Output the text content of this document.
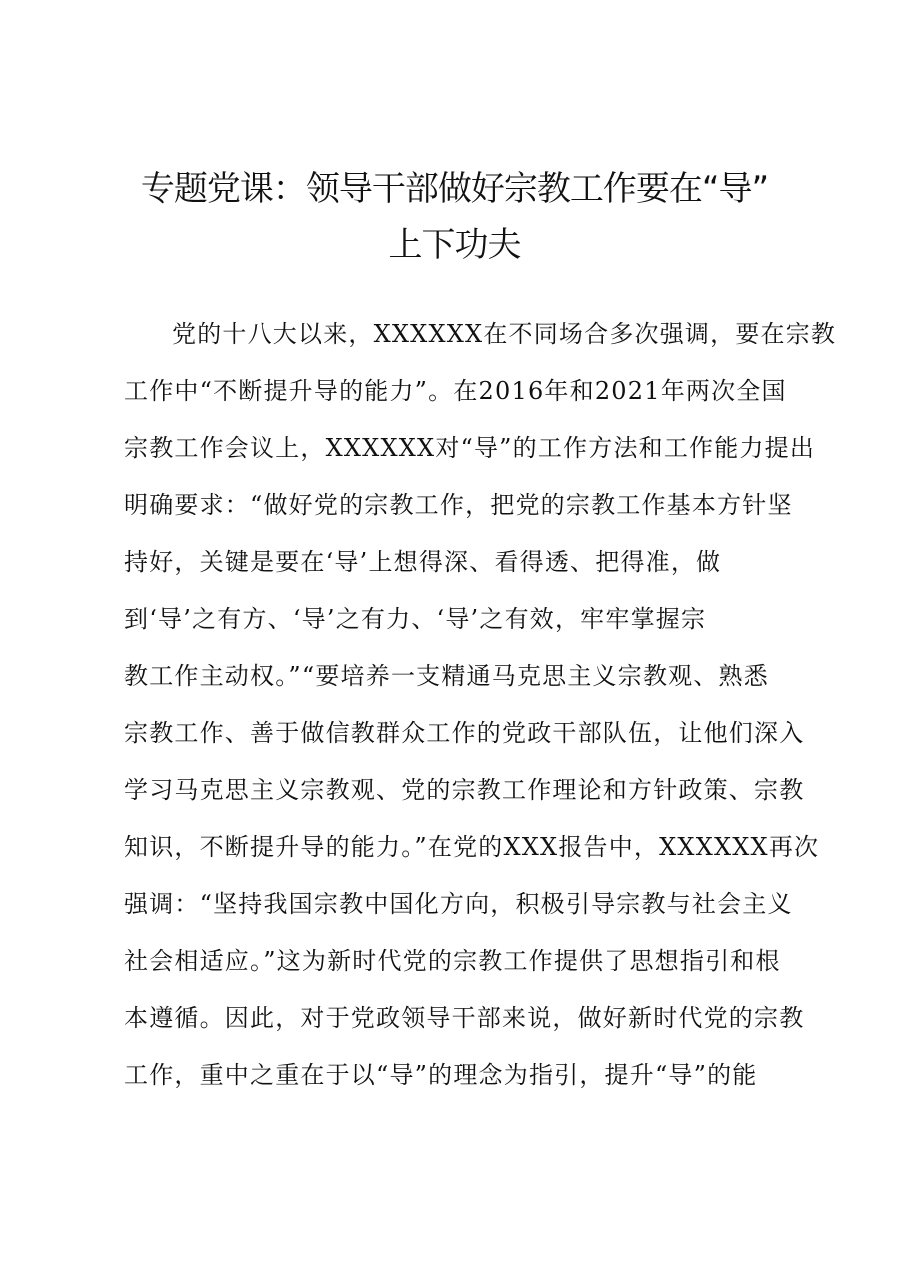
专题党课：领导干部做好宗教工作要在“导”
上下功夫
党的十八大以来，XXXXXX在不同场合多次强调，要在宗教
工作中“不断提升导的能力”。在2016年和2021年两次全国
宗教工作会议上，XXXXXX对“导”的工作方法和工作能力提出
明确要求：“做好党的宗教工作，把党的宗教工作基本方针坚
持好，关键是要在‘导’上想得深、看得透、把得准，做
到‘导’之有方、‘导’之有力、‘导’之有效，牢牢掌握宗
教工作主动权。”“要培养一支精通马克思主义宗教观、熟悉
宗教工作、善于做信教群众工作的党政干部队伍，让他们深入
学习马克思主义宗教观、党的宗教工作理论和方针政策、宗教
知识，不断提升导的能力。”在党的XXX报告中，XXXXXX再次
强调：“坚持我国宗教中国化方向，积极引导宗教与社会主义
社会相适应。”这为新时代党的宗教工作提供了思想指引和根
本遵循。因此，对于党政领导干部来说，做好新时代党的宗教
工作，重中之重在于以“导”的理念为指引，提升“导”的能
